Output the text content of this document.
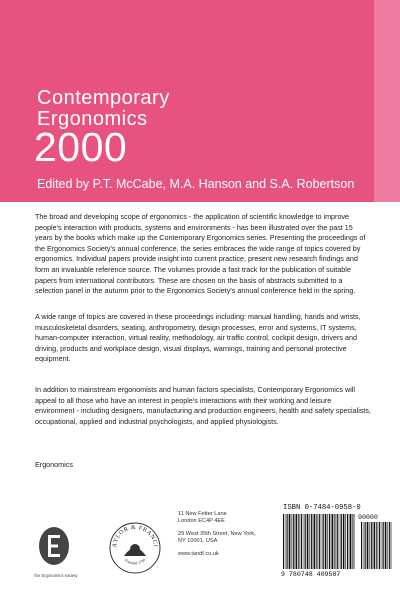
Contemporary
Ergonomics
2000
Edited by P.T. McCabe, M.A. Hanson and S.A. Robertson

The broad and developing scope of ergonomics - the application of scientific knowledge to improve people's interaction with products, systems and environments - has been illustrated over the past 15 years by the books which make up the Contemporary Ergonomics series. Presenting the proceedings of the Ergonomics Society's annual conference, the series embraces the wide range of topics covered by ergonomics. Individual papers provide insight into current practice, present new research findings and form an invaluable reference source. The volumes provide a fast track for the publication of suitable papers from international contributors. These are chosen on the basis of abstracts submitted to a selection panel in the autumn prior to the Ergonomics Society's annual conference held in the spring.

A wide range of topics are covered in these proceedings including: manual handling, hands and wrists, musculoskeletal disorders, seating, anthropometry, design processes, error and systems, IT systems, human-computer interaction, virtual reality, methodology, air traffic control, cockpit design, drivers and driving, products and workplace design, visual displays, warnings, training and personal protective equipment.

In addition to mainstream ergonomists and human factors specialists, Contemporary Ergonomics will appeal to all those who have an interest in people's interactions with their working and leisure environment - including designers, manufacturing and production engineers, health and safety specialists, occupational, applied and industrial psychologists, and applied physiologists.

Ergonomics
the Ergonomics society
AYLOR & FRANCI
Founded 1798
11 New Fetter Lane
London EC4P 4EE
29 West 35th Street, New York,
NY 10001, USA
www.tandf.co.uk
ISBN 0-7484-0958-0
90000
9 780748 409587
